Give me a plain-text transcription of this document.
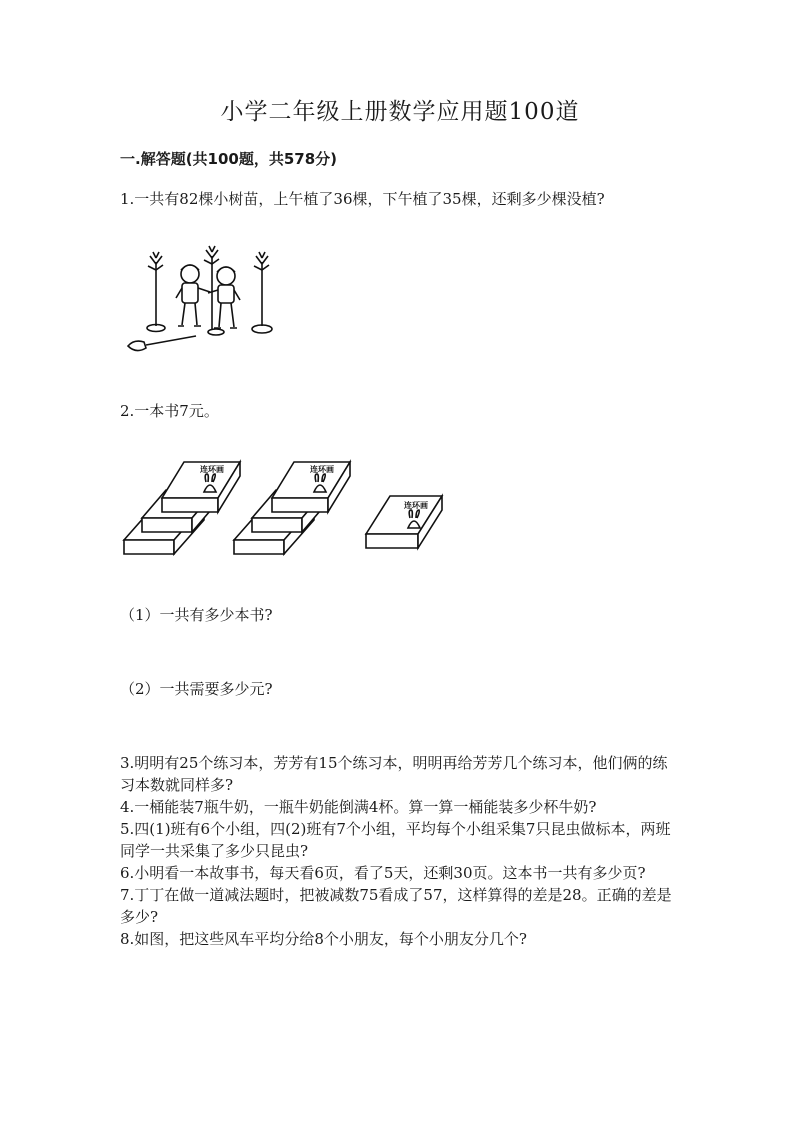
小学二年级上册数学应用题100道
一.解答题(共100题，共578分)
1.一共有82棵小树苗，上午植了36棵，下午植了35棵，还剩多少棵没植?
2.一本书7元。
连环画	连环画
连环画
（1）一共有多少本书?
（2）一共需要多少元?

3.明明有25个练习本，芳芳有15个练习本，明明再给芳芳几个练习本，他们俩的练习本数就同样多?

4.一桶能装7瓶牛奶，一瓶牛奶能倒满4杯。算一算一桶能装多少杯牛奶?

5.四(1)班有6个小组，四(2)班有7个小组，平均每个小组采集7只昆虫做标本，两班同学一共采集了多少只昆虫?

6.小明看一本故事书，每天看6页，看了5天，还剩30页。这本书一共有多少页?

7.丁丁在做一道减法题时，把被减数75看成了57，这样算得的差是28。正确的差是多少?

8.如图，把这些风车平均分给8个小朋友，每个小朋友分几个?
